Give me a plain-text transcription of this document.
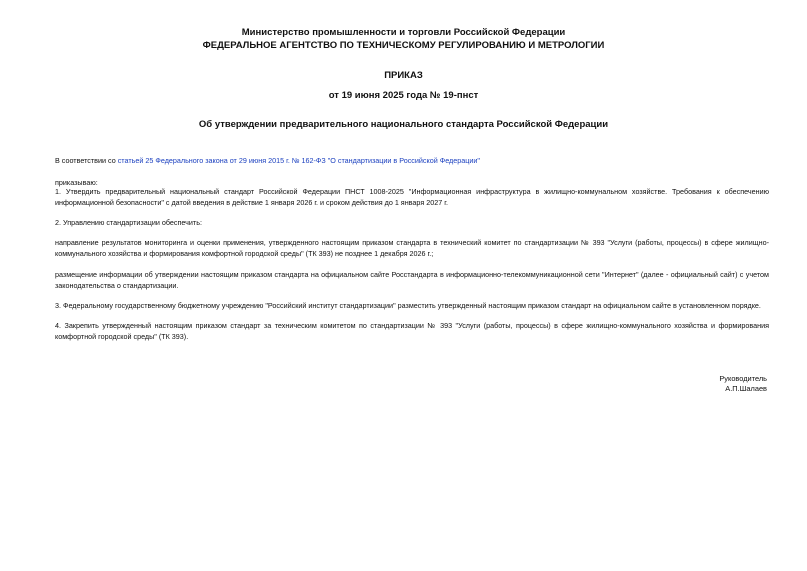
Министерство промышленности и торговли Российской Федерации
ФЕДЕРАЛЬНОЕ АГЕНТСТВО ПО ТЕХНИЧЕСКОМУ РЕГУЛИРОВАНИЮ И МЕТРОЛОГИИ
ПРИКАЗ
от 19 июня 2025 года № 19-пнст
Об утверждении предварительного национального стандарта Российской Федерации
В соответствии со статьей 25 Федерального закона от 29 июня 2015 г. № 162-ФЗ "О стандартизации в Российской Федерации"
приказываю:
1. Утвердить предварительный национальный стандарт Российской Федерации ПНСТ 1008-2025 "Информационная инфраструктура в жилищно-коммунальном хозяйстве. Требования к обеспечению информационной безопасности" с датой введения в действие 1 января 2026 г. и сроком действия до 1 января 2027 г.
2. Управлению стандартизации обеспечить:
направление результатов мониторинга и оценки применения, утвержденного настоящим приказом стандарта в технический комитет по стандартизации № 393 "Услуги (работы, процессы) в сфере жилищно-коммунального хозяйства и формирования комфортной городской среды" (ТК 393) не позднее 1 декабря 2026 г.;
размещение информации об утверждении настоящим приказом стандарта на официальном сайте Росстандарта в информационно-телекоммуникационной сети "Интернет" (далее - официальный сайт) с учетом законодательства о стандартизации.
3. Федеральному государственному бюджетному учреждению "Российский институт стандартизации" разместить утвержденный настоящим приказом стандарт на официальном сайте в установленном порядке.
4. Закрепить утвержденный настоящим приказом стандарт за техническим комитетом по стандартизации № 393 "Услуги (работы, процессы) в сфере жилищно-коммунального хозяйства и формирования комфортной городской среды" (ТК 393).
Руководитель
А.П.Шалаев
